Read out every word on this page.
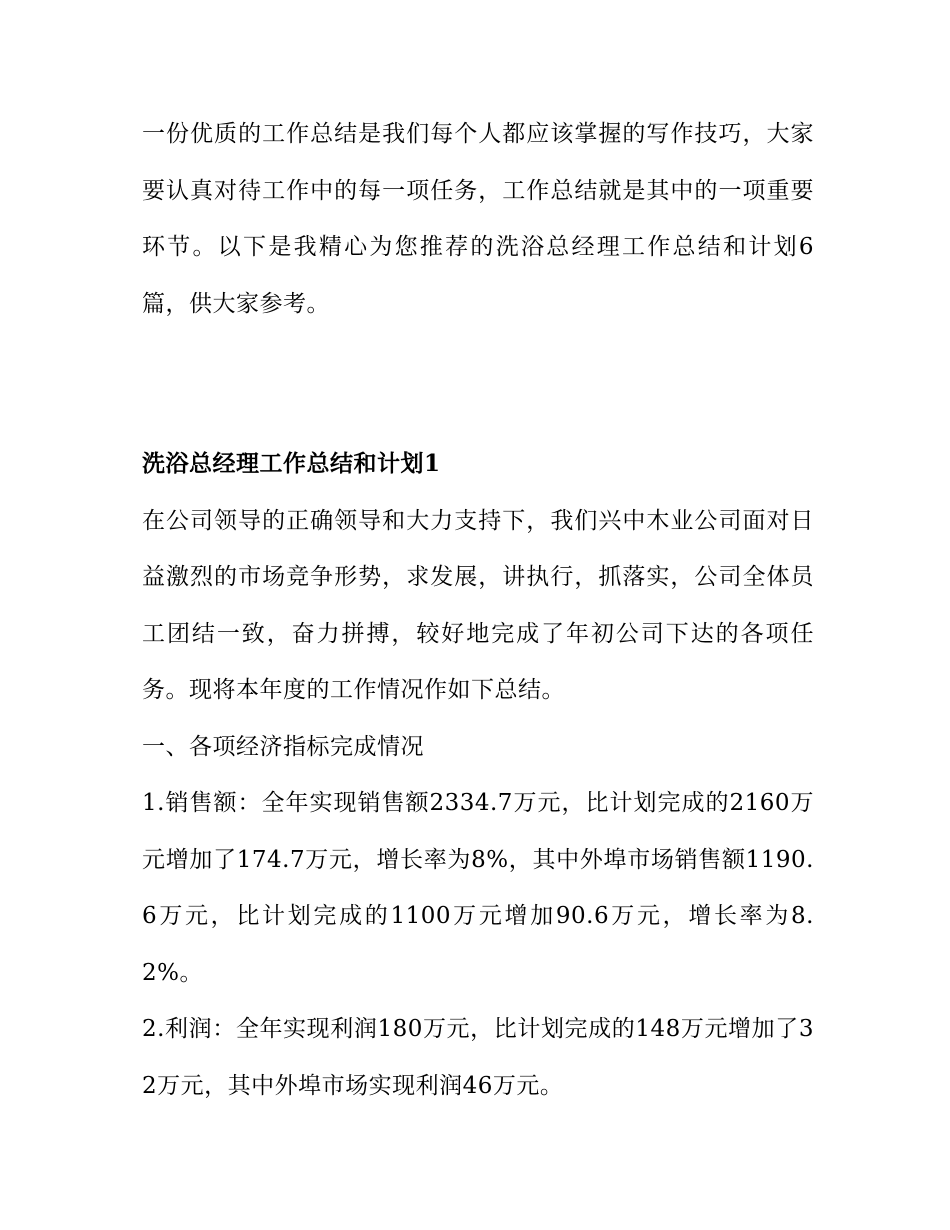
一份优质的工作总结是我们每个人都应该掌握的写作技巧，大家要认真对待工作中的每一项任务，工作总结就是其中的一项重要环节。以下是我精心为您推荐的洗浴总经理工作总结和计划6篇，供大家参考。

洗浴总经理工作总结和计划1

在公司领导的正确领导和大力支持下，我们兴中木业公司面对日益激烈的市场竞争形势，求发展，讲执行，抓落实，公司全体员工团结一致，奋力拼搏，较好地完成了年初公司下达的各项任务。现将本年度的工作情况作如下总结。

一、各项经济指标完成情况

1.销售额：全年实现销售额2334.7万元，比计划完成的2160万元增加了174.7万元，增长率为8%，其中外埠市场销售额1190.6万元，比计划完成的1100万元增加90.6万元，增长率为8.2%。

2.利润：全年实现利润180万元，比计划完成的148万元增加了32万元，其中外埠市场实现利润46万元。
